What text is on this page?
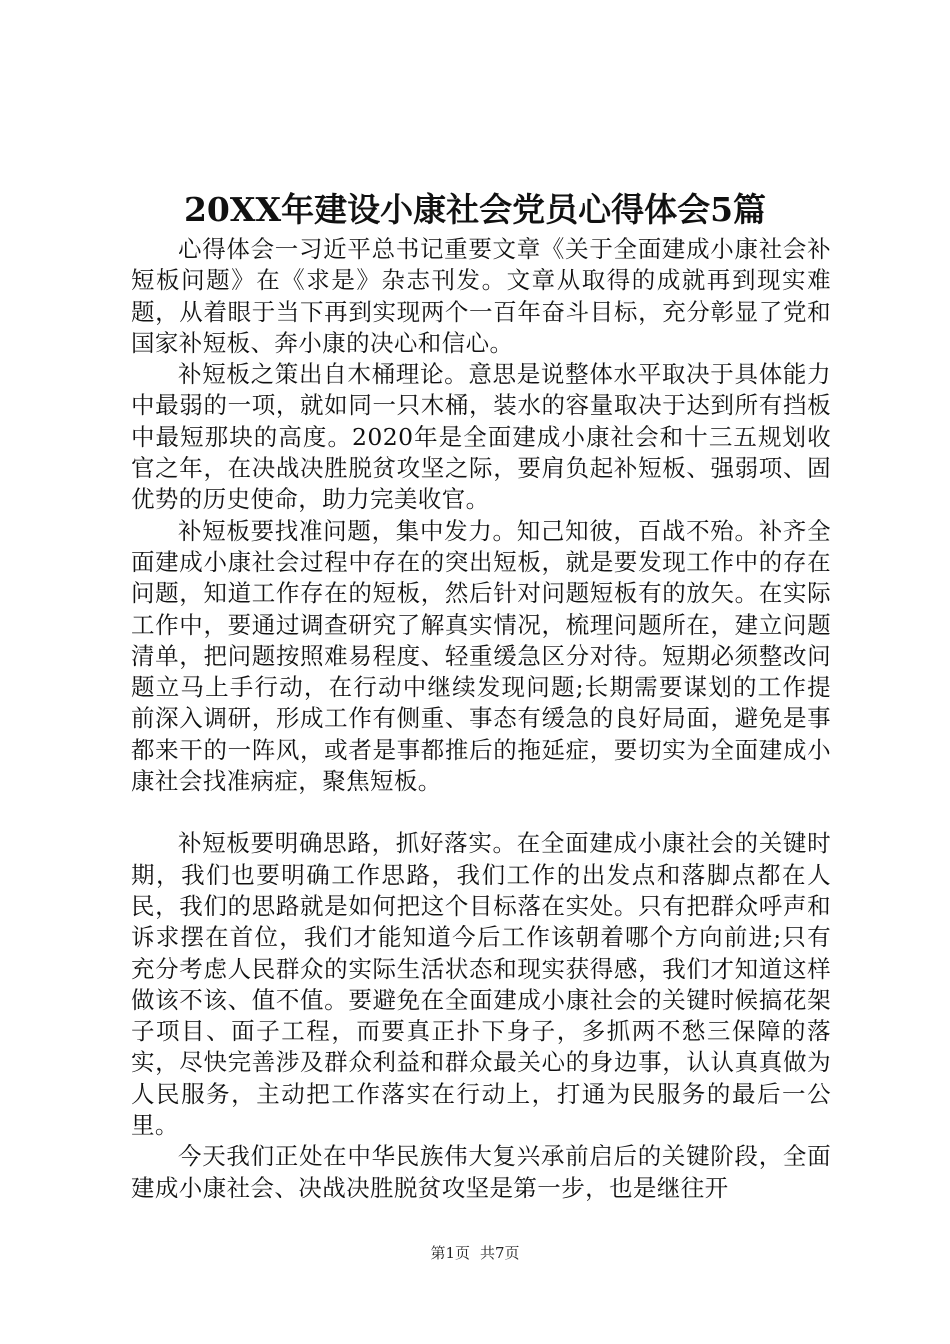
20XX年建设小康社会党员心得体会5篇

心得体会一习近平总书记重要文章《关于全面建成小康社会补短板问题》在《求是》杂志刊发。文章从取得的成就再到现实难题，从着眼于当下再到实现两个一百年奋斗目标，充分彰显了党和国家补短板、奔小康的决心和信心。

补短板之策出自木桶理论。意思是说整体水平取决于具体能力中最弱的一项，就如同一只木桶，装水的容量取决于达到所有挡板中最短那块的高度。2020年是全面建成小康社会和十三五规划收官之年，在决战决胜脱贫攻坚之际，要肩负起补短板、强弱项、固优势的历史使命，助力完美收官。

补短板要找准问题，集中发力。知己知彼，百战不殆。补齐全面建成小康社会过程中存在的突出短板，就是要发现工作中的存在问题，知道工作存在的短板，然后针对问题短板有的放矢。在实际工作中，要通过调查研究了解真实情况，梳理问题所在，建立问题清单，把问题按照难易程度、轻重缓急区分对待。短期必须整改问题立马上手行动，在行动中继续发现问题;长期需要谋划的工作提前深入调研，形成工作有侧重、事态有缓急的良好局面，避免是事都来干的一阵风，或者是事都推后的拖延症，要切实为全面建成小康社会找准病症，聚焦短板。

补短板要明确思路，抓好落实。在全面建成小康社会的关键时期，我们也要明确工作思路，我们工作的出发点和落脚点都在人民，我们的思路就是如何把这个目标落在实处。只有把群众呼声和诉求摆在首位，我们才能知道今后工作该朝着哪个方向前进;只有充分考虑人民群众的实际生活状态和现实获得感，我们才知道这样做该不该、值不值。要避免在全面建成小康社会的关键时候搞花架子项目、面子工程，而要真正扑下身子，多抓两不愁三保障的落实，尽快完善涉及群众利益和群众最关心的身边事，认认真真做为人民服务，主动把工作落实在行动上，打通为民服务的最后一公里。

今天我们正处在中华民族伟大复兴承前启后的关键阶段，全面建成小康社会、决战决胜脱贫攻坚是第一步，也是继往开

第1页 共7页
